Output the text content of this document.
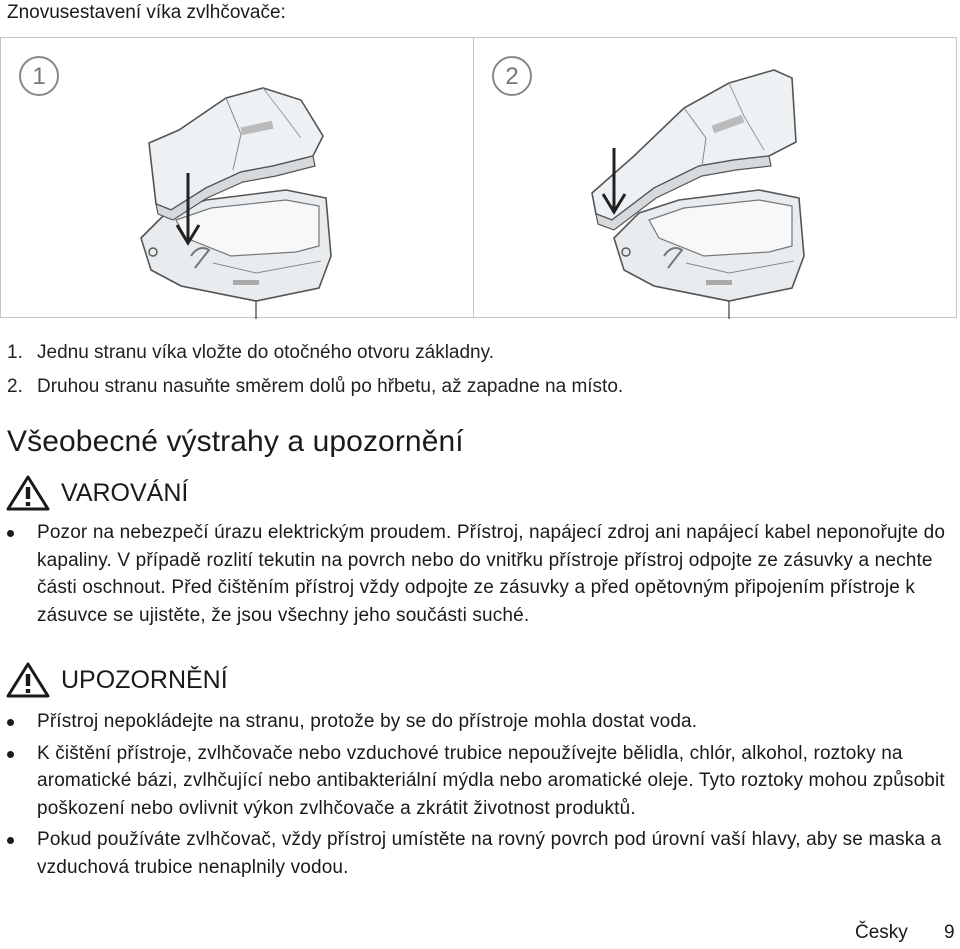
Znovusestavení víka zvlhčovače:
1	2
1. Jednu stranu víka vložte do otočného otvoru základny.
2. Druhou stranu nasuňte směrem dolů po hřbetu, až zapadne na místo.
Všeobecné výstrahy a upozornění
VAROVÁNÍ
Pozor na nebezpečí úrazu elektrickým proudem. Přístroj, napájecí zdroj ani napájecí kabel neponořujte do kapaliny. V případě rozlití tekutin na povrch nebo do vnitřku přístroje přístroj odpojte ze zásuvky a nechte části oschnout. Před čištěním přístroj vždy odpojte ze zásuvky a před opětovným připojením přístroje k zásuvce se ujistěte, že jsou všechny jeho součásti suché.
UPOZORNĚNÍ
Přístroj nepokládejte na stranu, protože by se do přístroje mohla dostat voda.
K čištění přístroje, zvlhčovače nebo vzduchové trubice nepoužívejte bělidla, chlór, alkohol, roztoky na aromatické bázi, zvlhčující nebo antibakteriální mýdla nebo aromatické oleje. Tyto roztoky mohou způsobit poškození nebo ovlivnit výkon zvlhčovače a zkrátit životnost produktů.
Pokud používáte zvlhčovač, vždy přístroj umístěte na rovný povrch pod úrovní vaší hlavy, aby se maska a vzduchová trubice nenaplnily vodou.
Česky 9
